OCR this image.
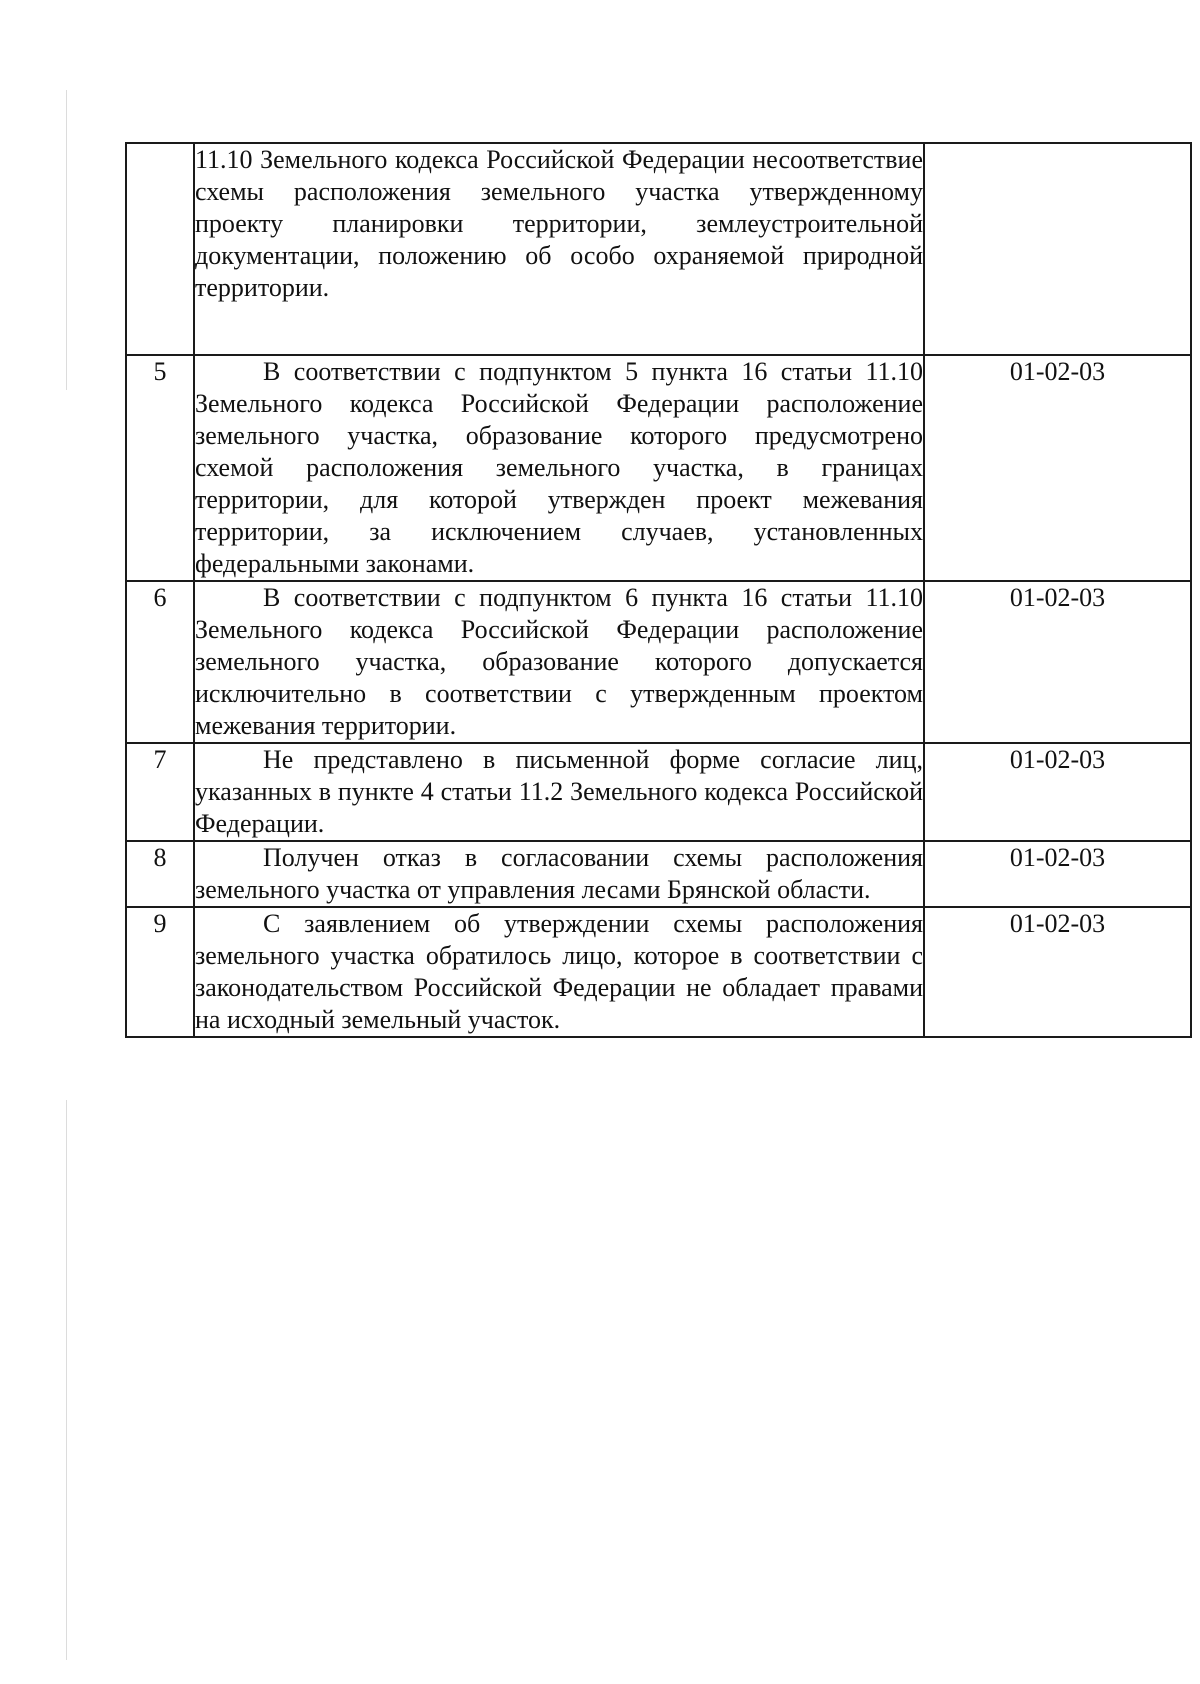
	11.10 Земельного кодекса Российской Федерации несоответствие схемы расположения земельного участка утвержденному проекту планировки территории, землеустроительной документации, положению об особо охраняемой природной территории.	
5	В соответствии с подпунктом 5 пункта 16 статьи 11.10 Земельного кодекса Российской Федерации расположение земельного участка, образование которого предусмотрено схемой расположения земельного участка, в границах территории, для которой утвержден проект межевания территории, за исключением случаев, установленных федеральными законами.	01-02-03
6	В соответствии с подпунктом 6 пункта 16 статьи 11.10 Земельного кодекса Российской Федерации расположение земельного участка, образование которого допускается исключительно в соответствии с утвержденным проектом межевания территории.	01-02-03
7	Не представлено в письменной форме согласие лиц, указанных в пункте 4 статьи 11.2 Земельного кодекса Российской Федерации.	01-02-03
8	Получен отказ в согласовании схемы расположения земельного участка от управления лесами Брянской области.	01-02-03
9	С заявлением об утверждении схемы расположения земельного участка обратилось лицо, которое в соответствии с законодательством Российской Федерации не обладает правами на исходный земельный участок.	01-02-03
